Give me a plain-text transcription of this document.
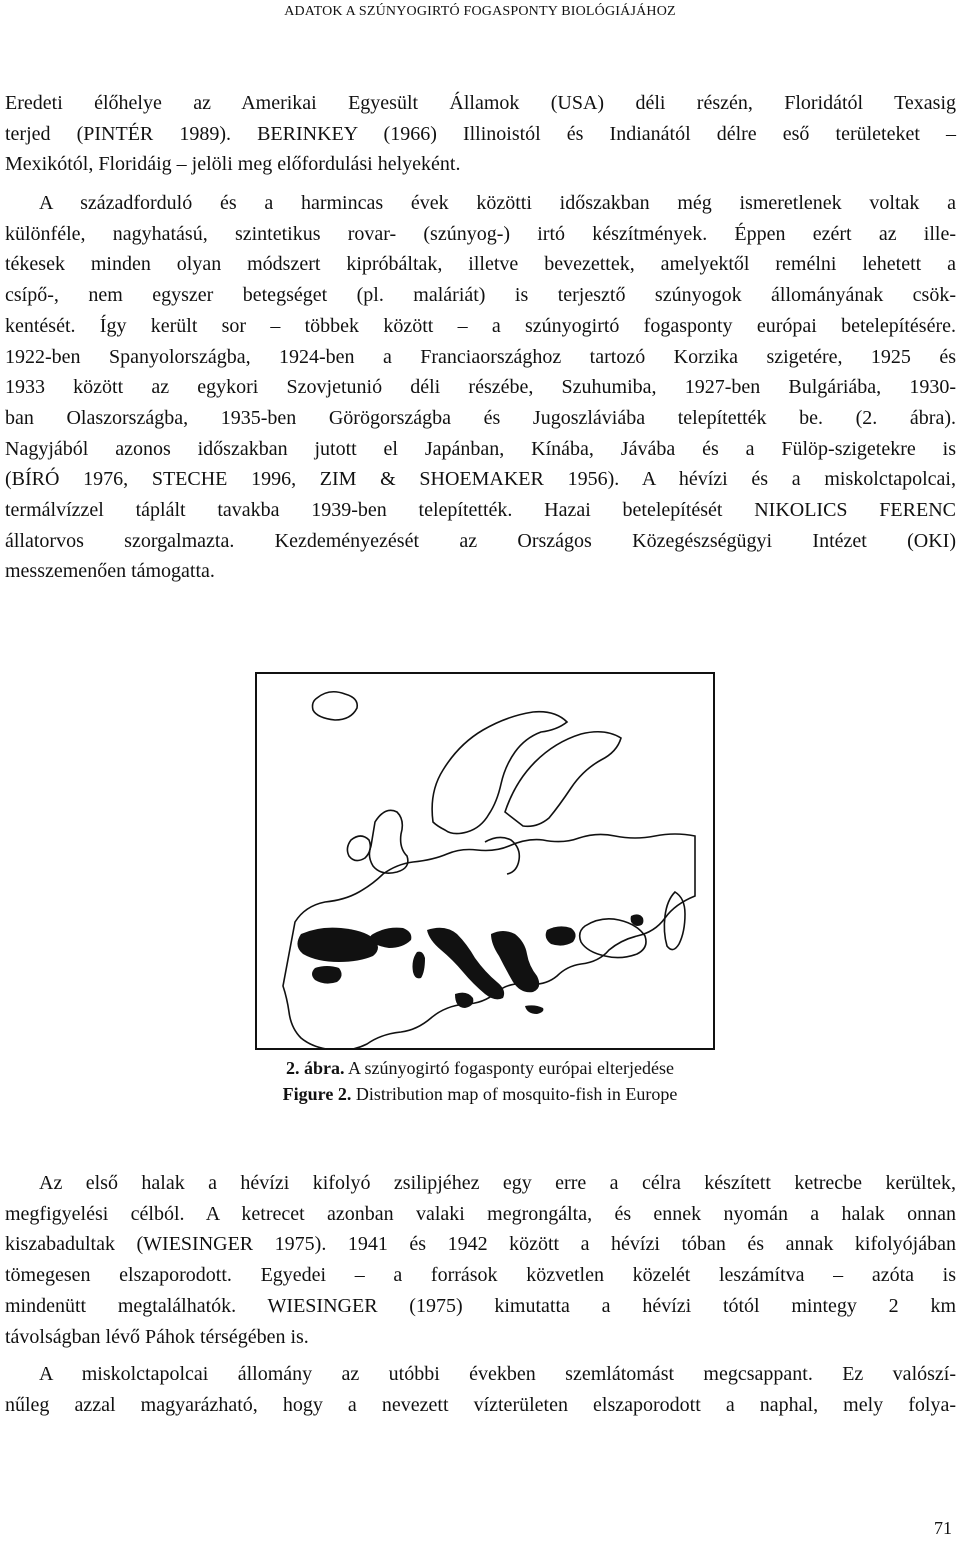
ADATOK A SZÚNYOGIRTÓ FOGASPONTY BIOLÓGIÁJÁHOZ
Eredeti élőhelye az Amerikai Egyesült Államok (USA) déli részén, Floridától Texasig
terjed (PINTÉR 1989). BERINKEY (1966) Illinoistól és Indianától délre eső területeket –
Mexikótól, Floridáig – jelöli meg előfordulási helyeként.
A századforduló és a harmincas évek közötti időszakban még ismeretlenek voltak a
különféle, nagyhatású, szintetikus rovar- (szúnyog-) irtó készítmények. Éppen ezért az ille-
tékesek minden olyan módszert kipróbáltak, illetve bevezettek, amelyektől remélni lehetett a
csípő-, nem egyszer betegséget (pl. maláriát) is terjesztő szúnyogok állományának csök-
kentését. Így került sor – többek között – a szúnyogirtó fogasponty európai betelepítésére.
1922-ben Spanyolországba, 1924-ben a Franciaországhoz tartozó Korzika szigetére, 1925 és
1933 között az egykori Szovjetunió déli részébe, Szuhumiba, 1927-ben Bulgáriába, 1930-
ban Olaszországba, 1935-ben Görögországba és Jugoszláviába telepítették be. (2. ábra).
Nagyjából azonos időszakban jutott el Japánban, Kínába, Jávába és a Fülöp-szigetekre is
(BÍRÓ 1976, STECHE 1996, ZIM & SHOEMAKER 1956). A hévízi és a miskolctapolcai,
termálvízzel táplált tavakba 1939-ben telepítették. Hazai betelepítését NIKOLICS FERENC
állatorvos szorgalmazta. Kezdeményezését az Országos Közegészségügyi Intézet (OKI)
messzemenően támogatta.
2. ábra. A szúnyogirtó fogasponty európai elterjedése
Figure 2. Distribution map of mosquito-fish in Europe
Az első halak a hévízi kifolyó zsilipjéhez egy erre a célra készített ketrecbe kerültek,
megfigyelési célból. A ketrecet azonban valaki megrongálta, és ennek nyomán a halak onnan
kiszabadultak (WIESINGER 1975). 1941 és 1942 között a hévízi tóban és annak kifolyójában
tömegesen elszaporodott. Egyedei – a források közvetlen közelét leszámítva – azóta is
mindenütt megtalálhatók. WIESINGER (1975) kimutatta a hévízi tótól mintegy 2 km
távolságban lévő Páhok térségében is.
A miskolctapolcai állomány az utóbbi években szemlátomást megcsappant. Ez valószí-
nűleg azzal magyarázható, hogy a nevezett vízterületen elszaporodott a naphal, mely folya-
71
